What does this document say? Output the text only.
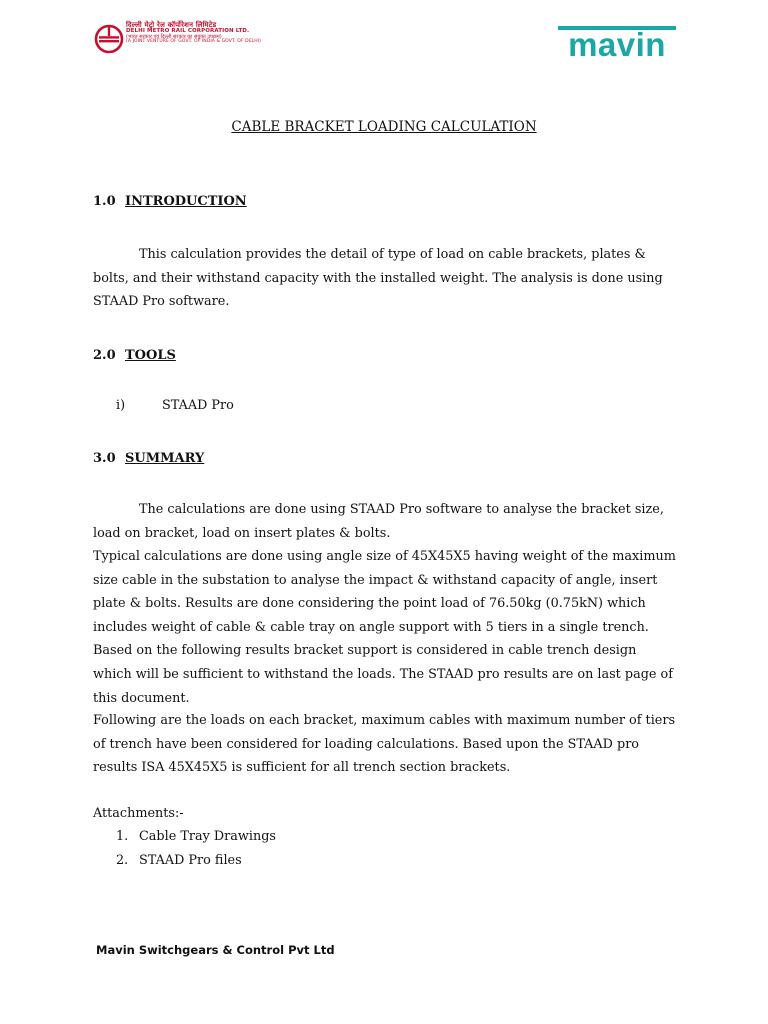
दिल्ली मेट्रो रेल कॉर्पोरेशन लिमिटेड
DELHI METRO RAIL CORPORATION LTD.
(भारत सरकार एवं दिल्ली सरकार का संयुक्त उपक्रम)
(A JOINT VENTURE OF GOVT. OF INDIA & GOVT. OF DELHI)	mavin
CABLE BRACKET LOADING CALCULATION
1.0 INTRODUCTION
This calculation provides the detail of type of load on cable brackets, plates & bolts, and their withstand capacity with the installed weight. The analysis is done using STAAD Pro software.
2.0 TOOLS
i)	STAAD Pro
3.0 SUMMARY
The calculations are done using STAAD Pro software to analyse the bracket size, load on bracket, load on insert plates & bolts.
Typical calculations are done using angle size of 45X45X5 having weight of the maximum size cable in the substation to analyse the impact & withstand capacity of angle, insert plate & bolts. Results are done considering the point load of 76.50kg (0.75kN) which includes weight of cable & cable tray on angle support with 5 tiers in a single trench. Based on the following results bracket support is considered in cable trench design which will be sufficient to withstand the loads. The STAAD pro results are on last page of this document.
Following are the loads on each bracket, maximum cables with maximum number of tiers of trench have been considered for loading calculations. Based upon the STAAD pro results ISA 45X45X5 is sufficient for all trench section brackets.
Attachments:-
1. Cable Tray Drawings
2. STAAD Pro files
Mavin Switchgears & Control Pvt Ltd
